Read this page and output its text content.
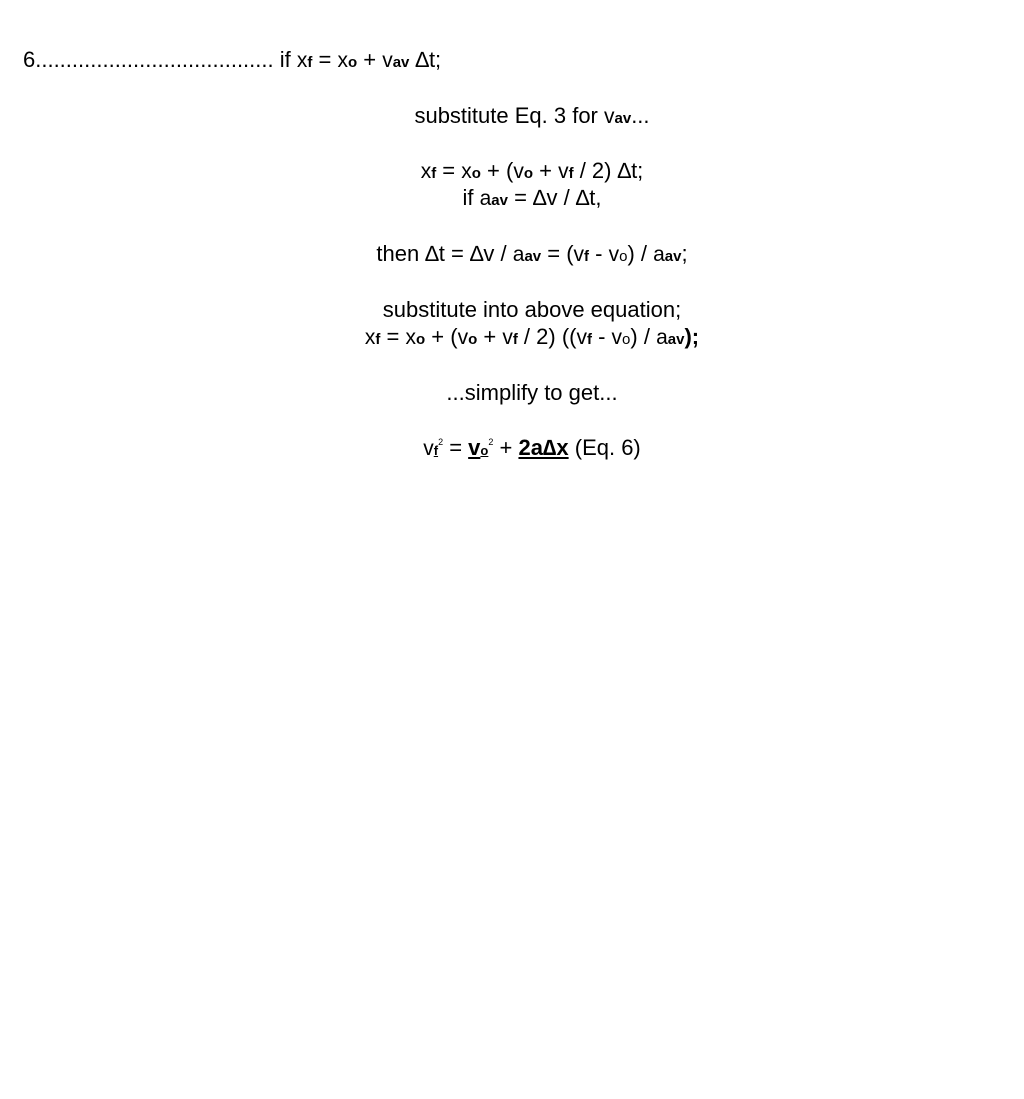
6....................................... if xf = xo + vav ∆t;
substitute Eq. 3 for vav...
xf = xo + (vo + vf / 2) ∆t;
if aav = ∆v / ∆t,
then ∆t = ∆v / aav = (vf - vo) / aav;
substitute into above equation;
xf = xo + (vo + vf / 2) ((vf - vo) / aav);
...simplify to get...
$vf^2 = vo^2 + 2a\Delta x$ (Eq. 6)
